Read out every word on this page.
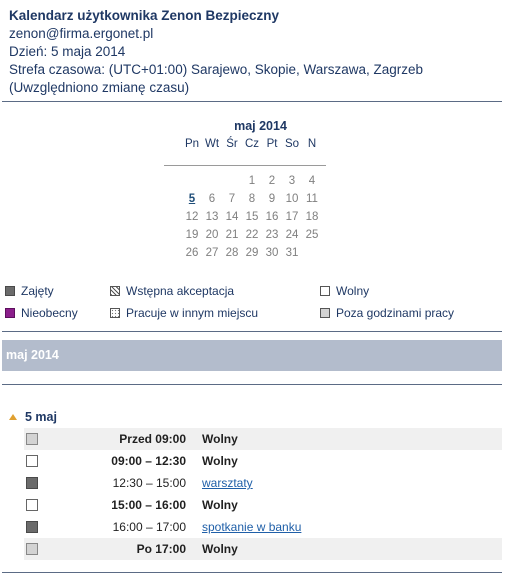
Kalendarz użytkownika Zenon Bezpieczny
zenon@firma.ergonet.pl
Dzień: 5 maja 2014
Strefa czasowa: (UTC+01:00) Sarajewo, Skopie, Warszawa, Zagrzeb
(Uwzględniono zmianę czasu)
maj 2014
Pn	Wt	Śr	Cz	Pt	So	N

			1	2	3	4
5	6	7	8	9	10	11
12	13	14	15	16	17	18
19	20	21	22	23	24	25
26	27	28	29	30	31	
Zajęty	Wstępna akceptacja	Wolny
Nieobecny	Pracuje w innym miejscu	Poza godzinami pracy
maj 2014
5 maj
Przed 09:00 Wolny
09:00 – 12:30 Wolny
12:30 – 15:00 warsztaty
15:00 – 16:00 Wolny
16:00 – 17:00 spotkanie w banku
Po 17:00 Wolny
